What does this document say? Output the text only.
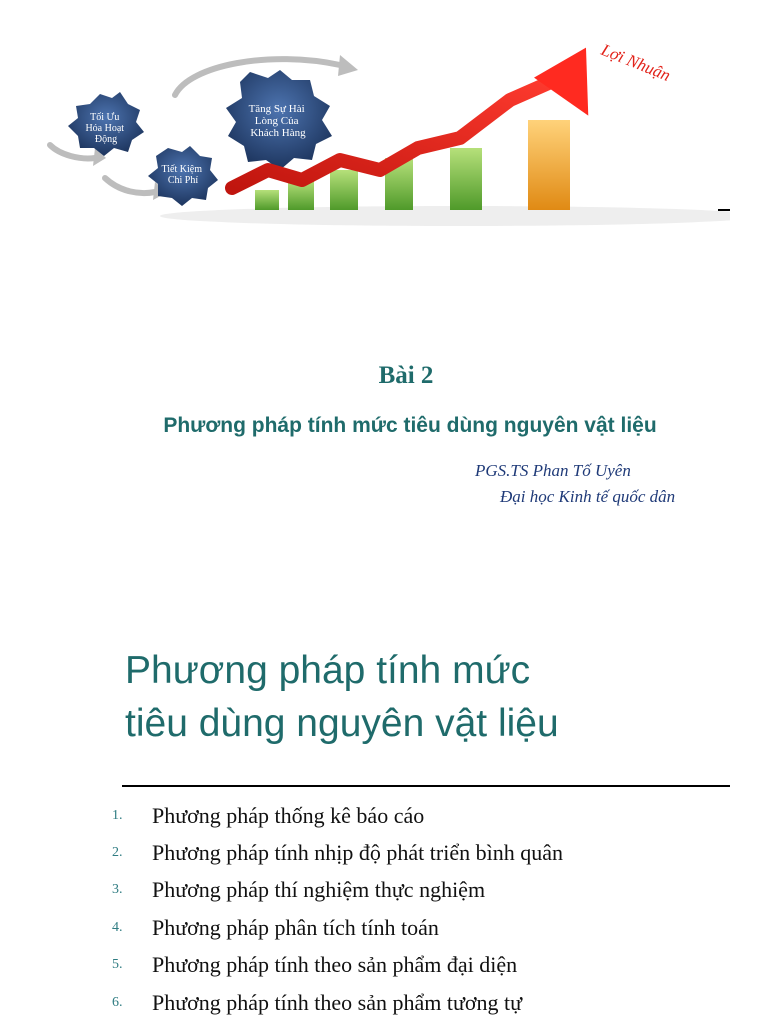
Tối Ưu Hóa Hoạt Động
Tăng Sự Hài Lòng Của Khách Hàng
Tiết Kiệm Chi Phí
Lợi Nhuận
Bài 2
Phương pháp tính mức tiêu dùng nguyên vật liệu
PGS.TS Phan Tố Uyên
Đại học Kinh tế quốc dân
Phương pháp tính mức
tiêu dùng nguyên vật liệu
1.	Phương pháp thống kê báo cáo
2.	Phương pháp tính nhịp độ phát triển bình quân
3.	Phương pháp thí nghiệm thực nghiệm
4.	Phương pháp phân tích tính toán
5.	Phương pháp tính theo sản phẩm đại diện
6.	Phương pháp tính theo sản phẩm tương tự
